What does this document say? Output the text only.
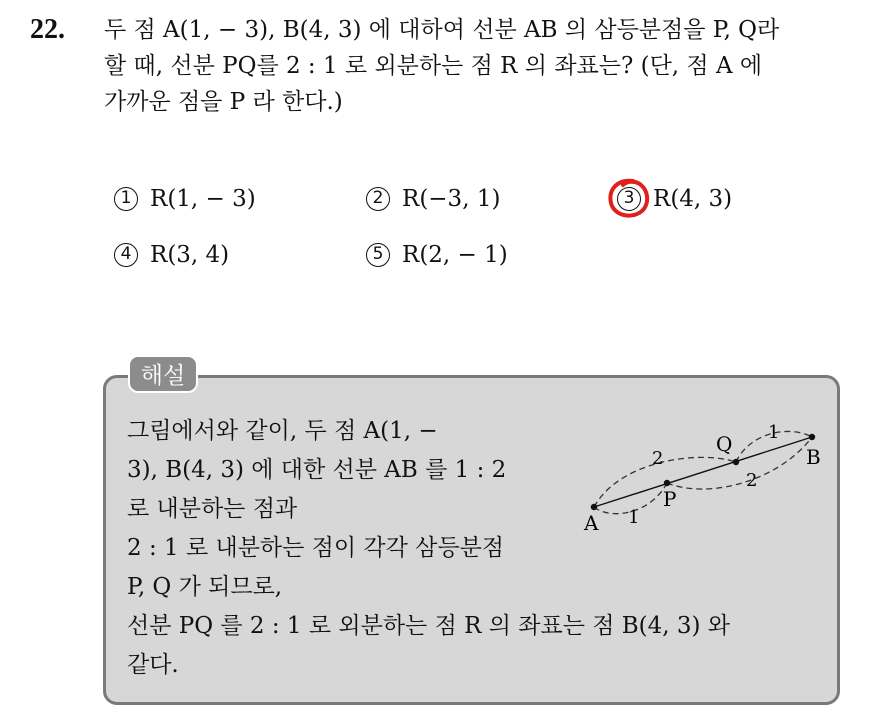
22. 두 점 A(1, − 3), B(4, 3) 에 대하여 선분 AB 의 삼등분점을 P, Q라
할 때, 선분 PQ를 2 : 1 로 외분하는 점 R 의 좌표는? (단, 점 A 에
가까운 점을 P 라 한다.)
1 R(1, − 3)	2 R(−3, 1)	3 R(4, 3)
4 R(3, 4)	5 R(2, − 1)
해설
그림에서와 같이, 두 점 A(1, −
3), B(4, 3) 에 대한 선분 AB 를 1 : 2
로 내분하는 점과
2 : 1 로 내분하는 점이 각각 삼등분점
P, Q 가 되므로,
선분 PQ 를 2 : 1 로 외분하는 점 R 의 좌표는 점 B(4, 3) 와
같다.
A
P
Q
B
2
1
2
1
